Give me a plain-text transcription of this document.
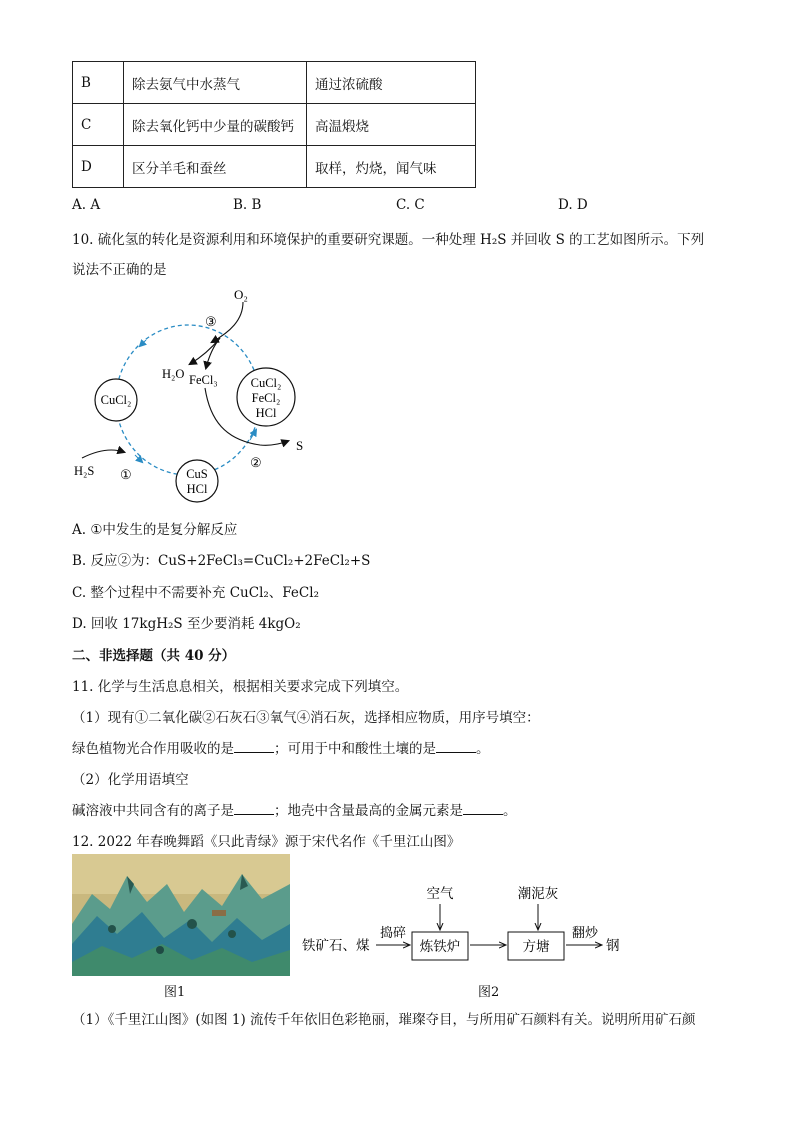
B	除去氨气中水蒸气	通过浓硫酸
C	除去氧化钙中少量的碳酸钙	高温煅烧
D	区分羊毛和蚕丝	取样，灼烧，闻气味
A. A	B. B	C. C	D. D
10. 硫化氢的转化是资源利用和环境保护的重要研究课题。一种处理 H₂S 并回收 S 的工艺如图所示。下列
说法不正确的是
O₂
③
H₂O FeCl₃
CuCl₂
CuCl₂
FeCl₂
HCl
S
②
H₂S ①	CuS
HCl
A. ①中发生的是复分解反应
B. 反应②为：CuS+2FeCl₃=CuCl₂+2FeCl₂+S
C. 整个过程中不需要补充 CuCl₂、FeCl₂
D. 回收 17kgH₂S 至少要消耗 4kgO₂
二、非选择题（共 40 分）
11. 化学与生活息息相关，根据相关要求完成下列填空。
（1）现有①二氧化碳②石灰石③氧气④消石灰，选择相应物质，用序号填空：
绿色植物光合作用吸收的是	；可用于中和酸性土壤的是	。
（2）化学用语填空
碱溶液中共同含有的离子是	；地壳中含量最高的金属元素是	。
12. 2022 年春晚舞蹈《只此青绿》源于宋代名作《千里江山图》
图1
铁矿石、煤
捣碎
炼铁炉
空气
方塘
潮泥灰
翻炒
钢
图2
（1）《千里江山图》(如图 1) 流传千年依旧色彩艳丽，璀璨夺目，与所用矿石颜料有关。说明所用矿石颜
